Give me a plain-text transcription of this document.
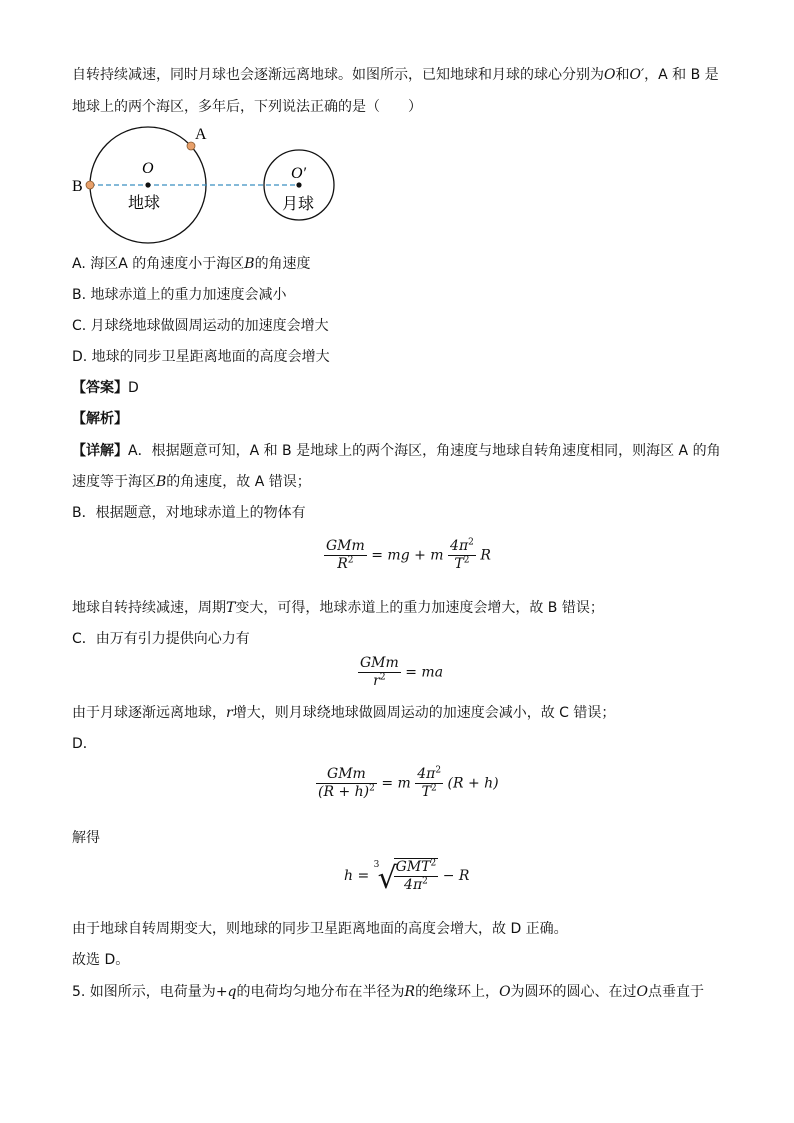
自转持续减速，同时月球也会逐渐远离地球。如图所示，已知地球和月球的球心分别为O和O′，A 和 B 是
地球上的两个海区，多年后，下列说法正确的是（　　）
A
B
O	O′
地球	月球
A. 海区A 的角速度小于海区B的角速度
B. 地球赤道上的重力加速度会减小
C. 月球绕地球做圆周运动的加速度会增大
D. 地球的同步卫星距离地面的高度会增大
【答案】D
【解析】
【详解】A．根据题意可知，A 和 B 是地球上的两个海区，角速度与地球自转角速度相同，则海区 A 的角
速度等于海区B的角速度，故 A 错误；
B．根据题意，对地球赤道上的物体有
$\frac{\text{GMm}}{R^2}$ = mg + m $\frac{4\pi^2}{T^2}$ R
地球自转持续减速，周期T变大，可得，地球赤道上的重力加速度会增大，故 B 错误；
C．由万有引力提供向心力有
$\frac{\text{GMm}}{r^2}$ = ma
由于月球逐渐远离地球，r增大，则月球绕地球做圆周运动的加速度会减小，故 C 错误；
D．
$\frac{\text{GMm}}{(R + h)^2} = m \frac{4\pi^2}{T^2} (R + h)$
解得
h =
3
√
$\frac{GMT^2}{4\pi^2} - R$
由于地球自转周期变大，则地球的同步卫星距离地面的高度会增大，故 D 正确。
故选 D。
5. 如图所示，电荷量为+q的电荷均匀地分布在半径为R的绝缘环上，O为圆环的圆心、在过O点垂直于
